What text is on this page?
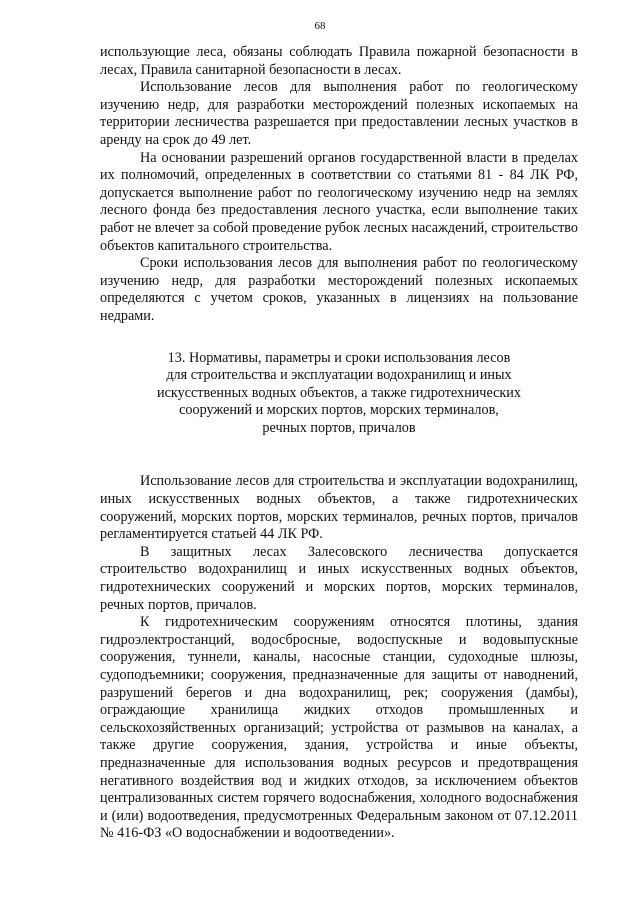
68

использующие леса, обязаны соблюдать Правила пожарной безопасности в лесах, Правила санитарной безопасности в лесах.

Использование лесов для выполнения работ по геологическому изучению недр, для разработки месторождений полезных ископаемых на территории лесничества разрешается при предоставлении лесных участков в аренду на срок до 49 лет.

На основании разрешений органов государственной власти в пределах их полномочий, определенных в соответствии со статьями 81 - 84 ЛК РФ, допускается выполнение работ по геологическому изучению недр на землях лесного фонда без предоставления лесного участка, если выполнение таких работ не влечет за собой проведение рубок лесных насаждений, строительство объектов капитального строительства.

Сроки использования лесов для выполнения работ по геологическому изучению недр, для разработки месторождений полезных ископаемых определяются с учетом сроков, указанных в лицензиях на пользование недрами.

13. Нормативы, параметры и сроки использования лесов
для строительства и эксплуатации водохранилищ и иных
искусственных водных объектов, а также гидротехнических
сооружений и морских портов, морских терминалов,
речных портов, причалов

Использование лесов для строительства и эксплуатации водохранилищ, иных искусственных водных объектов, а также гидротехнических сооружений, морских портов, морских терминалов, речных портов, причалов регламентируется статьей 44 ЛК РФ.

В защитных лесах Залесовского лесничества допускается строительство водохранилищ и иных искусственных водных объектов, гидротехнических сооружений и морских портов, морских терминалов, речных портов, причалов.

К гидротехническим сооружениям относятся плотины, здания гидроэлектростанций, водосбросные, водоспускные и водовыпускные сооружения, туннели, каналы, насосные станции, судоходные шлюзы, судоподъемники; сооружения, предназначенные для защиты от наводнений, разрушений берегов и дна водохранилищ, рек; сооружения (дамбы), ограждающие хранилища жидких отходов промышленных и сельскохозяйственных организаций; устройства от размывов на каналах, а также другие сооружения, здания, устройства и иные объекты, предназначенные для использования водных ресурсов и предотвращения негативного воздействия вод и жидких отходов, за исключением объектов централизованных систем горячего водоснабжения, холодного водоснабжения и (или) водоотведения, предусмотренных Федеральным законом от 07.12.2011 № 416-ФЗ «О водоснабжении и водоотведении».
